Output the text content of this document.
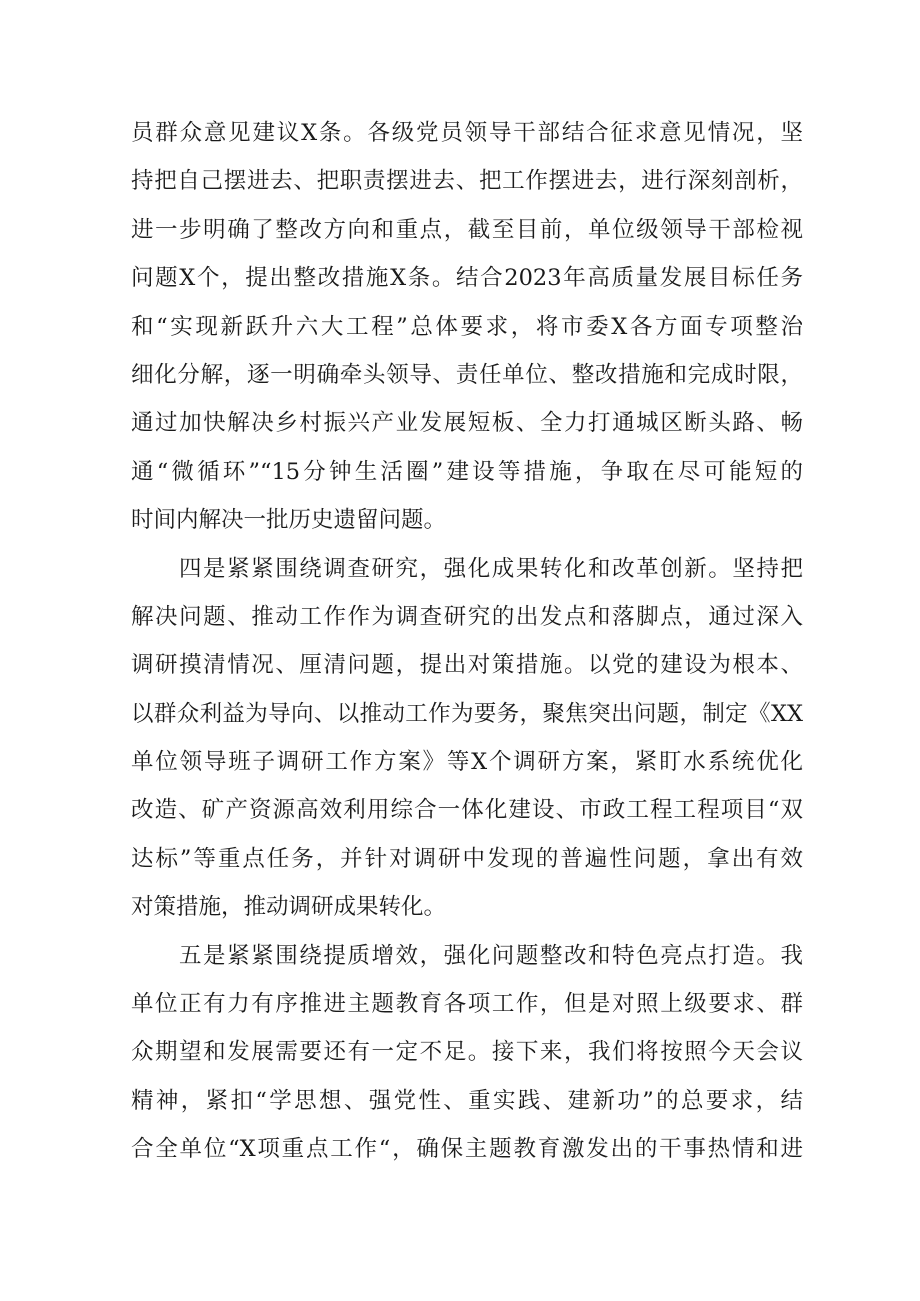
员群众意见建议X条。各级党员领导干部结合征求意见情况，坚
持把自己摆进去、把职责摆进去、把工作摆进去，进行深刻剖析，
进一步明确了整改方向和重点，截至目前，单位级领导干部检视
问题X个，提出整改措施X条。结合2023年高质量发展目标任务
和“实现新跃升六大工程”总体要求，将市委X各方面专项整治
细化分解，逐一明确牵头领导、责任单位、整改措施和完成时限，
通过加快解决乡村振兴产业发展短板、全力打通城区断头路、畅
通“微循环”“15分钟生活圈”建设等措施，争取在尽可能短的
时间内解决一批历史遗留问题。
四是紧紧围绕调查研究，强化成果转化和改革创新。坚持把
解决问题、推动工作作为调查研究的出发点和落脚点，通过深入
调研摸清情况、厘清问题，提出对策措施。以党的建设为根本、
以群众利益为导向、以推动工作为要务，聚焦突出问题，制定《XX
单位领导班子调研工作方案》等X个调研方案，紧盯水系统优化
改造、矿产资源高效利用综合一体化建设、市政工程工程项目“双
达标”等重点任务，并针对调研中发现的普遍性问题，拿出有效
对策措施，推动调研成果转化。
五是紧紧围绕提质增效，强化问题整改和特色亮点打造。我
单位正有力有序推进主题教育各项工作，但是对照上级要求、群
众期望和发展需要还有一定不足。接下来，我们将按照今天会议
精神，紧扣“学思想、强党性、重实践、建新功”的总要求，结
合全单位“X项重点工作“，确保主题教育激发出的干事热情和进
